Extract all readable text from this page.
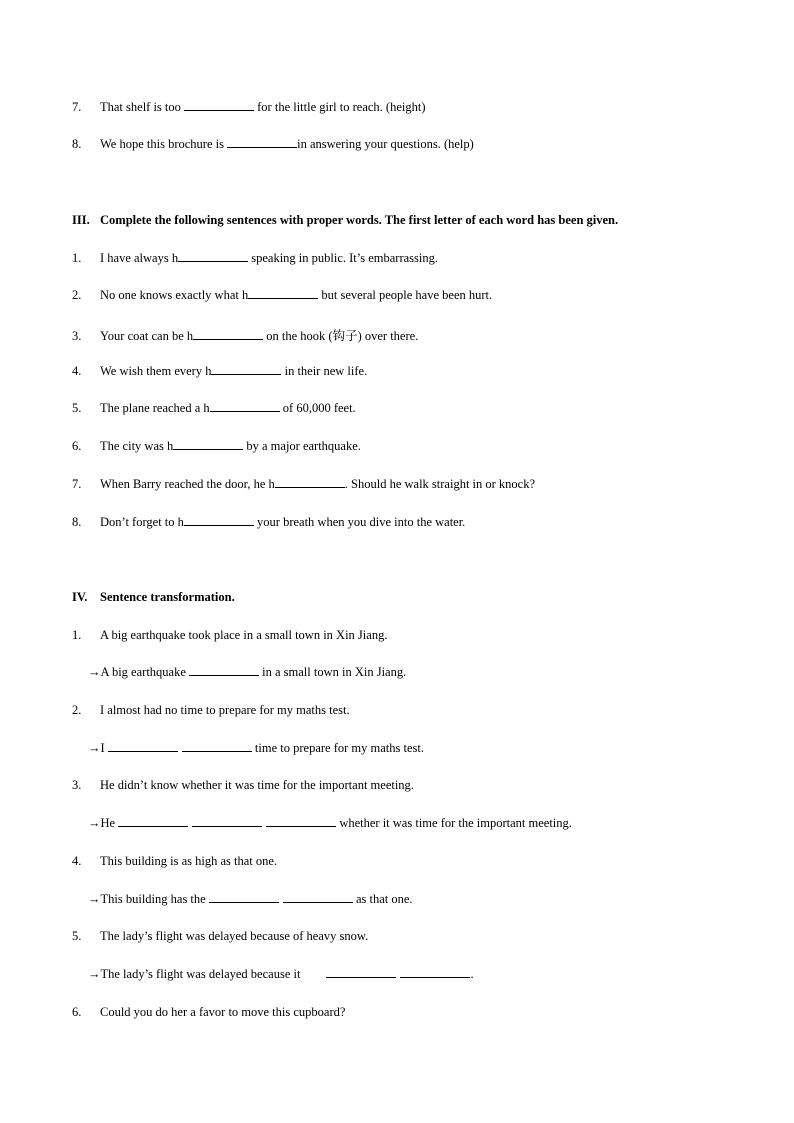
7. That shelf is too	for the little girl to reach. (height)
8. We hope this brochure is	in answering your questions. (help)
III. Complete the following sentences with proper words. The first letter of each word has been given.
1. I have always h	speaking in public. It’s embarrassing.
2. No one knows exactly what h	but several people have been hurt.
3. Your coat can be h	on the hook (钩子) over there.
4. We wish them every h	in their new life.
5. The plane reached a h	of 60,000 feet.
6. The city was h	by a major earthquake.
7. When Barry reached the door, he h	. Should he walk straight in or knock?
8. Don’t forget to h	your breath when you dive into the water.
IV. Sentence transformation.
1. A big earthquake took place in a small town in Xin Jiang.
→A big earthquake	in a small town in Xin Jiang.
2. I almost had no time to prepare for my maths test.
→I	time to prepare for my maths test.
3. He didn’t know whether it was time for the important meeting.
→He	whether it was time for the important meeting.
4. This building is as high as that one.
→This building has the	as that one.
5. The lady’s flight was delayed because of heavy snow.
→The lady’s flight was delayed because it	.
6. Could you do her a favor to move this cupboard?
